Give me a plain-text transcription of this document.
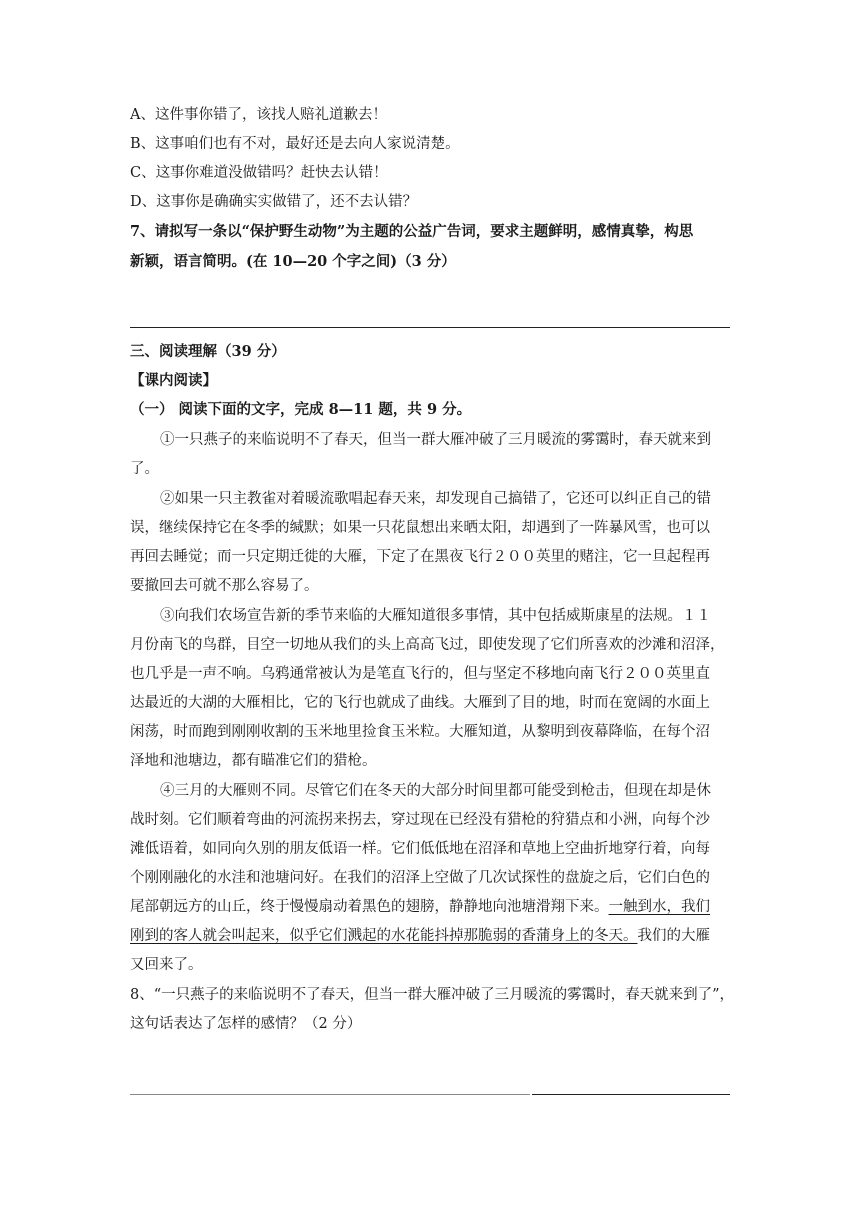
A、这件事你错了，该找人赔礼道歉去！
B、这事咱们也有不对，最好还是去向人家说清楚。
C、这事你难道没做错吗？赶快去认错！
D、这事你是确确实实做错了，还不去认错？
7、请拟写一条以“保护野生动物”为主题的公益广告词，要求主题鲜明，感情真挚，构思
新颖，语言简明。(在 10—20 个字之间)（3 分）
三、阅读理解（39 分）
【课内阅读】
（一） 阅读下面的文字，完成 8—11 题，共 9 分。
①一只燕子的来临说明不了春天，但当一群大雁冲破了三月暖流的雾霭时，春天就来到
了。
②如果一只主教雀对着暖流歌唱起春天来，却发现自己搞错了，它还可以纠正自己的错
误，继续保持它在冬季的缄默；如果一只花鼠想出来晒太阳，却遇到了一阵暴风雪，也可以
再回去睡觉；而一只定期迁徙的大雁，下定了在黑夜飞行２００英里的赌注，它一旦起程再
要撤回去可就不那么容易了。
③向我们农场宣告新的季节来临的大雁知道很多事情，其中包括威斯康星的法规。１１
月份南飞的鸟群，目空一切地从我们的头上高高飞过，即使发现了它们所喜欢的沙滩和沼泽，
也几乎是一声不响。乌鸦通常被认为是笔直飞行的，但与坚定不移地向南飞行２００英里直
达最近的大湖的大雁相比，它的飞行也就成了曲线。大雁到了目的地，时而在宽阔的水面上
闲荡，时而跑到刚刚收割的玉米地里捡食玉米粒。大雁知道，从黎明到夜幕降临，在每个沼
泽地和池塘边，都有瞄准它们的猎枪。
④三月的大雁则不同。尽管它们在冬天的大部分时间里都可能受到枪击，但现在却是休
战时刻。它们顺着弯曲的河流拐来拐去，穿过现在已经没有猎枪的狩猎点和小洲，向每个沙
滩低语着，如同向久别的朋友低语一样。它们低低地在沼泽和草地上空曲折地穿行着，向每
个刚刚融化的水洼和池塘问好。在我们的沼泽上空做了几次试探性的盘旋之后，它们白色的
尾部朝远方的山丘，终于慢慢扇动着黑色的翅膀，静静地向池塘滑翔下来。一触到水，我们
刚到的客人就会叫起来，似乎它们溅起的水花能抖掉那脆弱的香蒲身上的冬天。我们的大雁
又回来了。
8、“一只燕子的来临说明不了春天，但当一群大雁冲破了三月暖流的雾霭时，春天就来到了”，
这句话表达了怎样的感情？（2 分）
